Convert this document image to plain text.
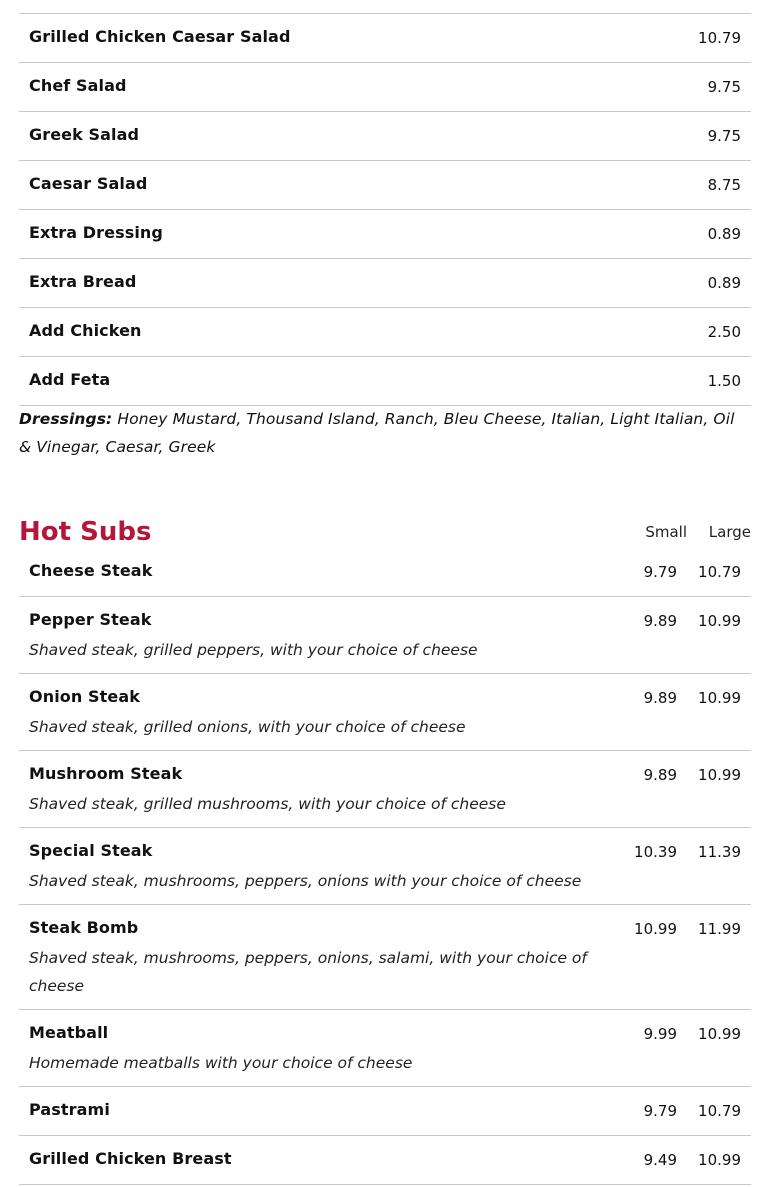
Grilled Chicken Caesar Salad	10.79
Chef Salad	9.75
Greek Salad	9.75
Caesar Salad	8.75
Extra Dressing	0.89
Extra Bread	0.89
Add Chicken	2.50
Add Feta	1.50
Dressings: Honey Mustard, Thousand Island, Ranch, Bleu Cheese, Italian, Light Italian, Oil & Vinegar, Caesar, Greek
Hot Subs	Small Large
Cheese Steak	9.79	10.79
Pepper Steak	9.89	10.99
Shaved steak, grilled peppers, with your choice of cheese
Onion Steak	9.89	10.99
Shaved steak, grilled onions, with your choice of cheese
Mushroom Steak	9.89	10.99
Shaved steak, grilled mushrooms, with your choice of cheese
Special Steak	10.39	11.39
Shaved steak, mushrooms, peppers, onions with your choice of cheese
Steak Bomb	10.99	11.99
Shaved steak, mushrooms, peppers, onions, salami, with your choice of cheese
Meatball	9.99	10.99
Homemade meatballs with your choice of cheese
Pastrami	9.79	10.79
Grilled Chicken Breast	9.49	10.99
